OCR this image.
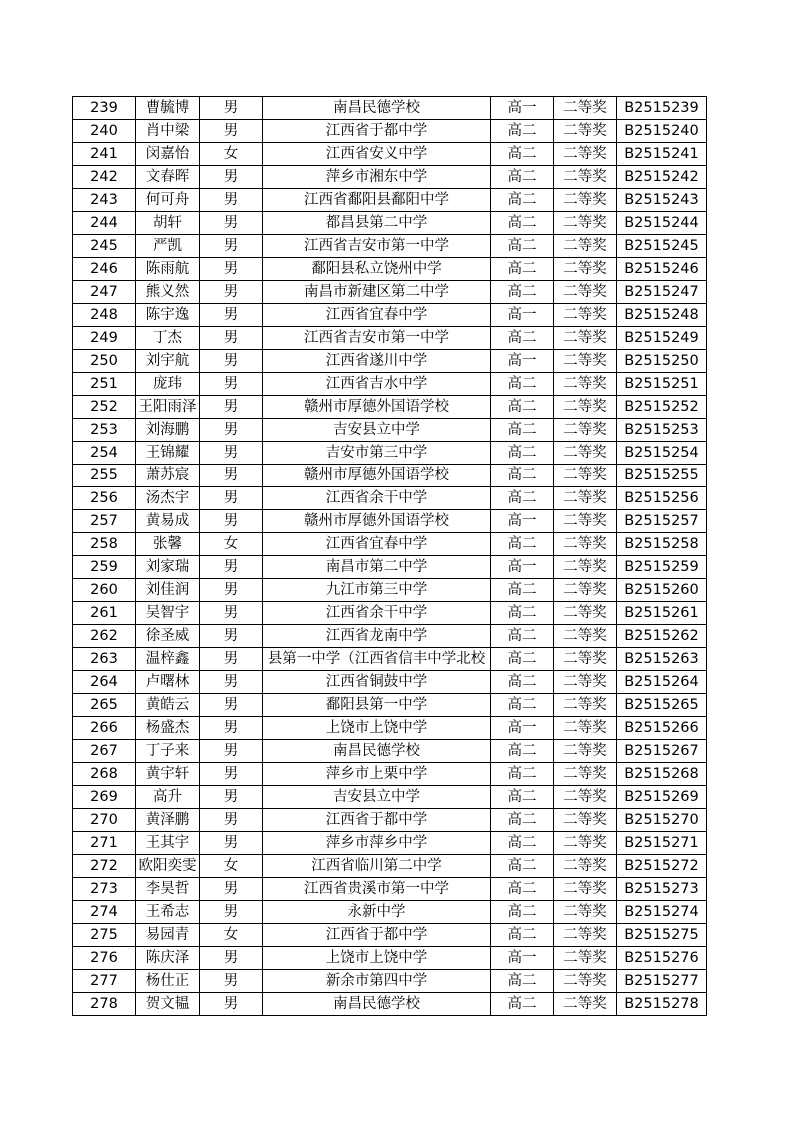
239	曹毓博	男	南昌民德学校	高一	二等奖	B2515239
240	肖中梁	男	江西省于都中学	高二	二等奖	B2515240
241	闵嘉怡	女	江西省安义中学	高二	二等奖	B2515241
242	文春晖	男	萍乡市湘东中学	高二	二等奖	B2515242
243	何可舟	男	江西省鄱阳县鄱阳中学	高二	二等奖	B2515243
244	胡轩	男	都昌县第二中学	高二	二等奖	B2515244
245	严凯	男	江西省吉安市第一中学	高二	二等奖	B2515245
246	陈雨航	男	鄱阳县私立饶州中学	高二	二等奖	B2515246
247	熊义然	男	南昌市新建区第二中学	高二	二等奖	B2515247
248	陈宇逸	男	江西省宜春中学	高一	二等奖	B2515248
249	丁杰	男	江西省吉安市第一中学	高二	二等奖	B2515249
250	刘宇航	男	江西省遂川中学	高一	二等奖	B2515250
251	庞玮	男	江西省吉水中学	高二	二等奖	B2515251
252	王阳雨泽	男	赣州市厚德外国语学校	高二	二等奖	B2515252
253	刘海鹏	男	吉安县立中学	高二	二等奖	B2515253
254	王锦耀	男	吉安市第三中学	高二	二等奖	B2515254
255	萧苏宸	男	赣州市厚德外国语学校	高二	二等奖	B2515255
256	汤杰宇	男	江西省余干中学	高二	二等奖	B2515256
257	黄易成	男	赣州市厚德外国语学校	高一	二等奖	B2515257
258	张馨	女	江西省宜春中学	高二	二等奖	B2515258
259	刘家瑞	男	南昌市第二中学	高一	二等奖	B2515259
260	刘佳润	男	九江市第三中学	高二	二等奖	B2515260
261	吴智宇	男	江西省余干中学	高二	二等奖	B2515261
262	徐圣威	男	江西省龙南中学	高二	二等奖	B2515262
263	温梓鑫	男	县第一中学（江西省信丰中学北校	高二	二等奖	B2515263
264	卢曙林	男	江西省铜鼓中学	高二	二等奖	B2515264
265	黄皓云	男	鄱阳县第一中学	高二	二等奖	B2515265
266	杨盛杰	男	上饶市上饶中学	高一	二等奖	B2515266
267	丁子来	男	南昌民德学校	高二	二等奖	B2515267
268	黄宇轩	男	萍乡市上栗中学	高二	二等奖	B2515268
269	高升	男	吉安县立中学	高二	二等奖	B2515269
270	黄泽鹏	男	江西省于都中学	高二	二等奖	B2515270
271	王其宇	男	萍乡市萍乡中学	高二	二等奖	B2515271
272	欧阳奕雯	女	江西省临川第二中学	高二	二等奖	B2515272
273	李昊哲	男	江西省贵溪市第一中学	高二	二等奖	B2515273
274	王希志	男	永新中学	高二	二等奖	B2515274
275	易园青	女	江西省于都中学	高二	二等奖	B2515275
276	陈庆泽	男	上饶市上饶中学	高一	二等奖	B2515276
277	杨仕正	男	新余市第四中学	高二	二等奖	B2515277
278	贺文韫	男	南昌民德学校	高二	二等奖	B2515278
